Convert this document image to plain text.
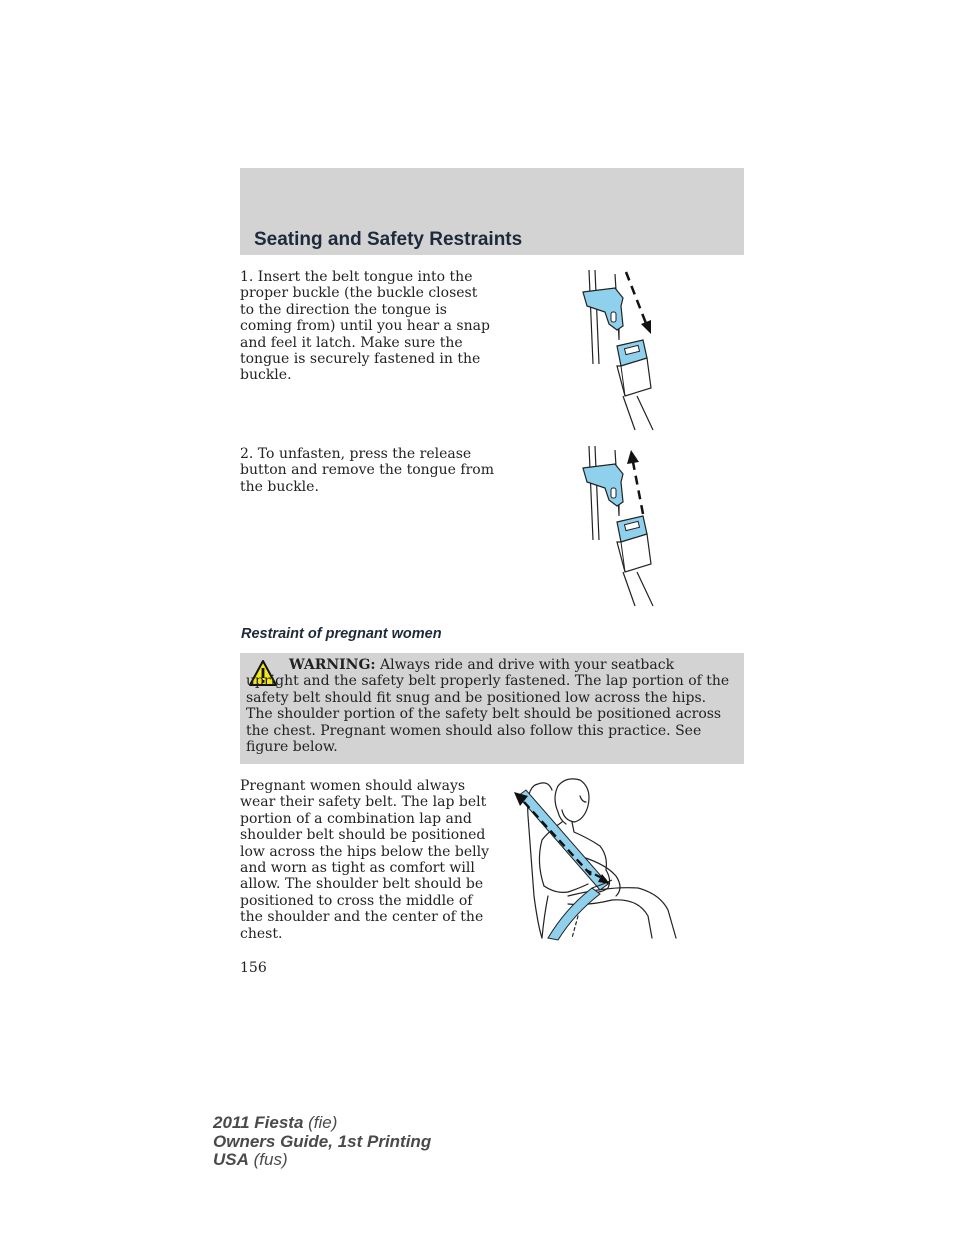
Seating and Safety Restraints
1. Insert the belt tongue into the proper buckle (the buckle closest to the direction the tongue is coming from) until you hear a snap and feel it latch. Make sure the tongue is securely fastened in the buckle.
2. To unfasten, press the release button and remove the tongue from the buckle.
Restraint of pregnant women
WARNING: Always ride and drive with your seatback upright and the safety belt properly fastened. The lap portion of the safety belt should fit snug and be positioned low across the hips. The shoulder portion of the safety belt should be positioned across the chest. Pregnant women should also follow this practice. See figure below.
Pregnant women should always wear their safety belt. The lap belt portion of a combination lap and shoulder belt should be positioned low across the hips below the belly and worn as tight as comfort will allow. The shoulder belt should be positioned to cross the middle of the shoulder and the center of the chest.
156
2011 Fiesta (fie)
Owners Guide, 1st Printing
USA (fus)
